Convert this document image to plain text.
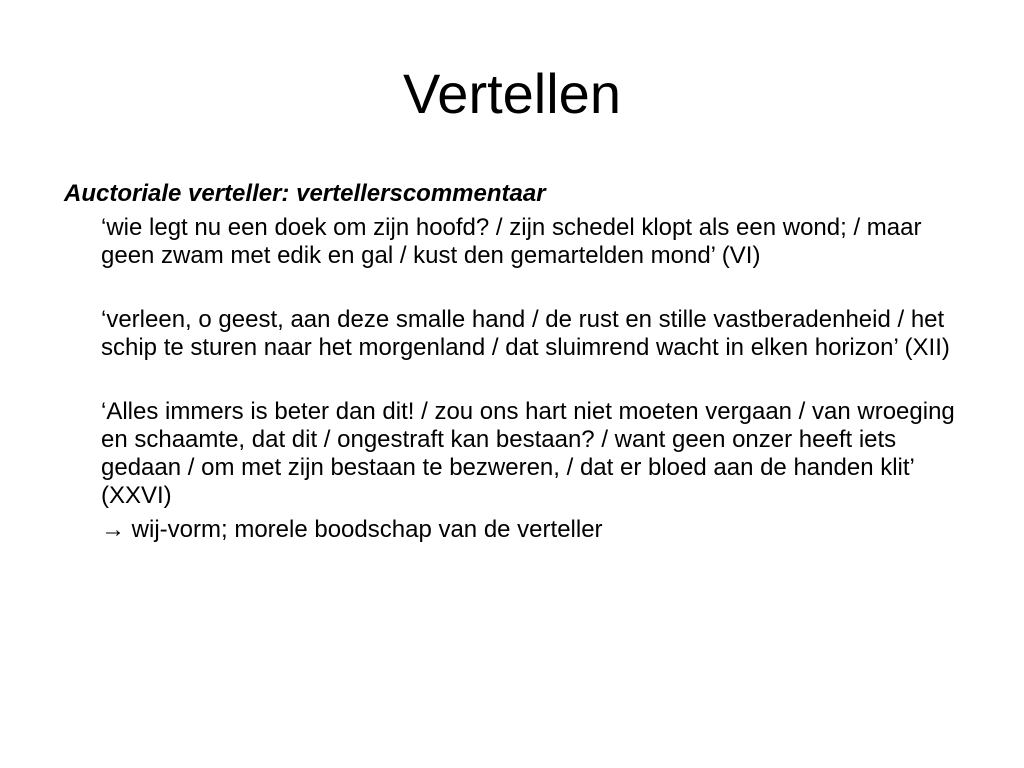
Vertellen

Auctoriale verteller: vertellerscommentaar

‘wie legt nu een doek om zijn hoofd? / zijn schedel klopt als een wond; / maar geen zwam met edik en gal / kust den gemartelden mond’ (VI)

‘verleen, o geest, aan deze smalle hand / de rust en stille vastberadenheid / het schip te sturen naar het morgenland / dat sluimrend wacht in elken horizon’ (XII)

‘Alles immers is beter dan dit! / zou ons hart niet moeten vergaan / van wroeging en schaamte, dat dit / ongestraft kan bestaan? / want geen onzer heeft iets gedaan / om met zijn bestaan te bezweren, / dat er bloed aan de handen klit’ (XXVI)

→ wij-vorm; morele boodschap van de verteller
